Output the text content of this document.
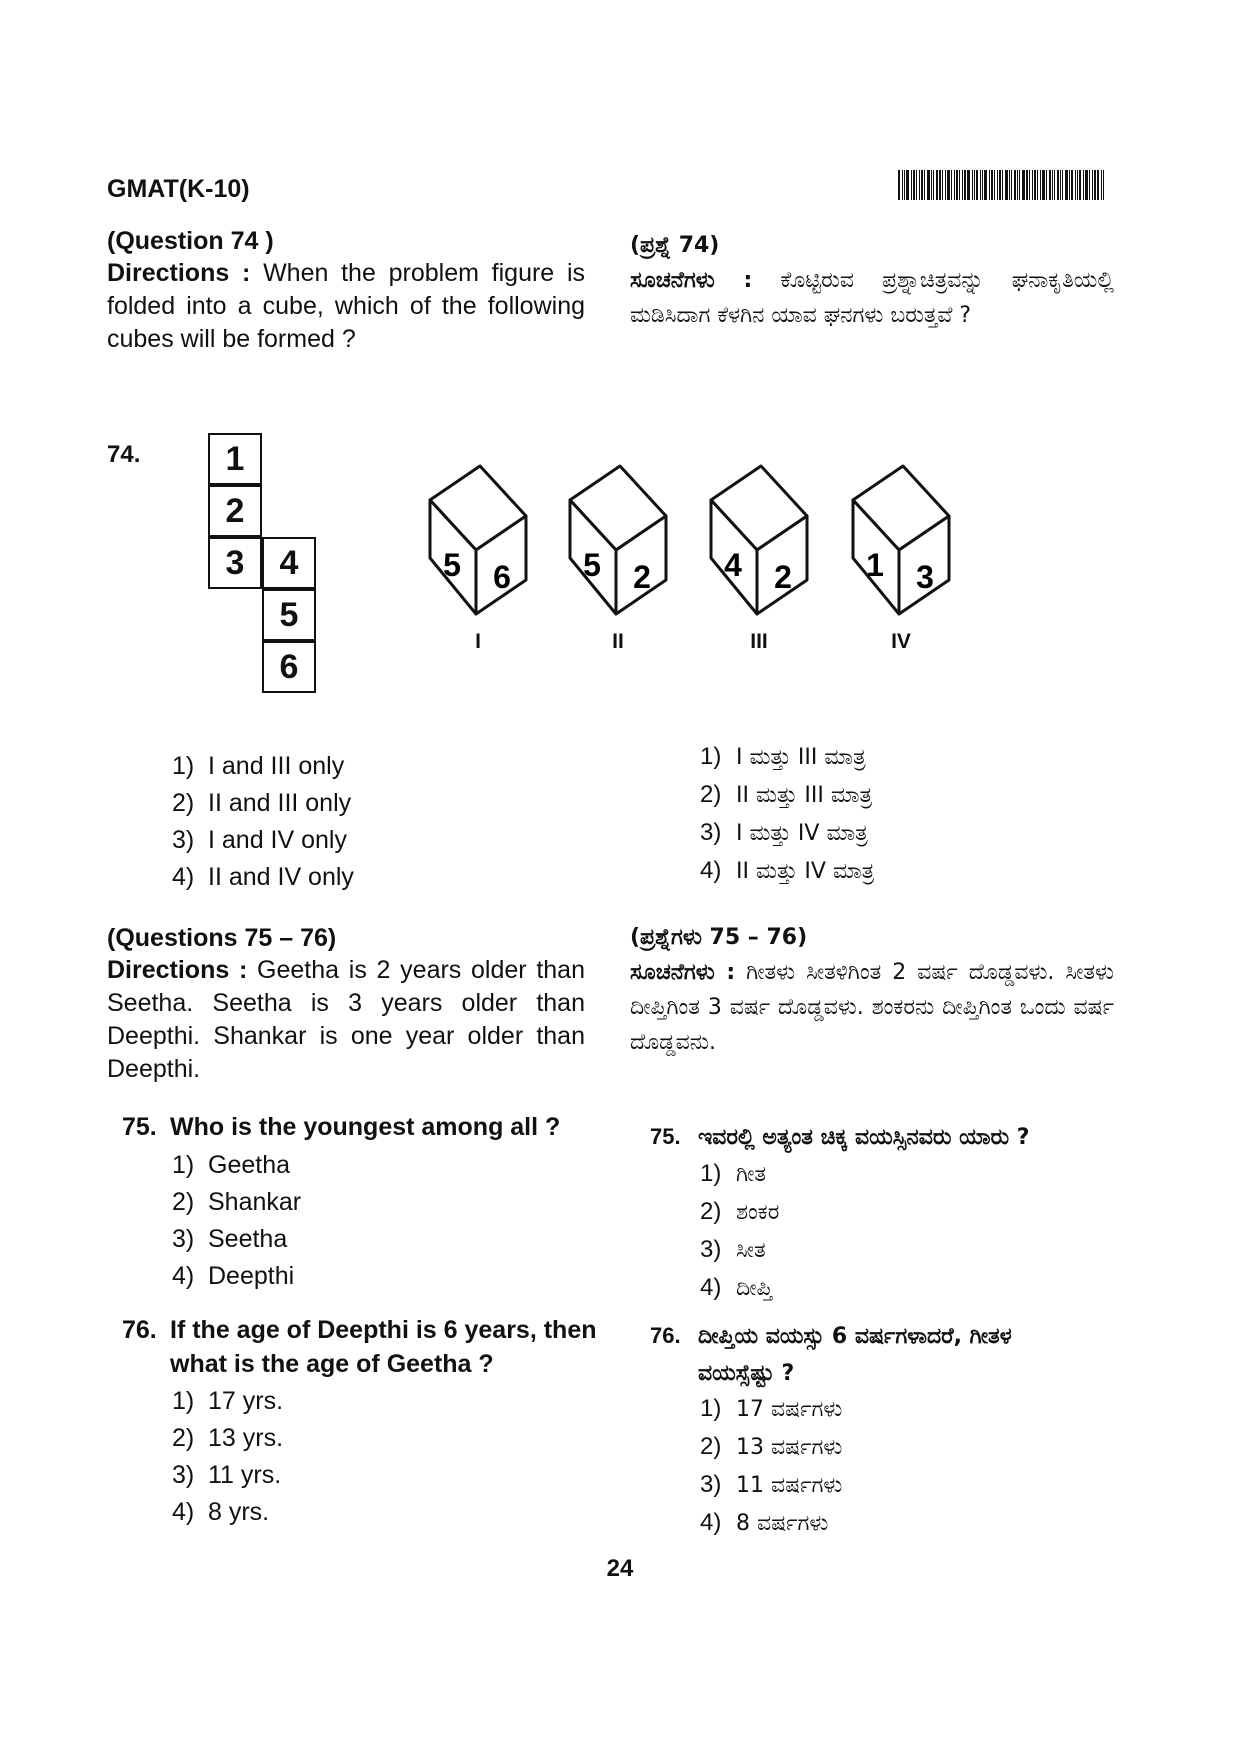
GMAT(K-10)
(Question 74 )
Directions : When the problem figure is folded into a cube, which of the following cubes will be formed ?
(ಪ್ರಶ್ನೆ 74)
ಸೂಚನೆಗಳು : ಕೊಟ್ಟಿರುವ ಪ್ರಶ್ನಾಚಿತ್ರವನ್ನು ಘನಾಕೃತಿಯಲ್ಲಿ ಮಡಿಸಿದಾಗ ಕೆಳಗಿನ ಯಾವ ಘನಗಳು ಬರುತ್ತವೆ ?
74.	1
2
3	4
5
6
5 6 5 2 4 2 1 3
I	II	III	IV
1) I and III only
2) II and III only
3) I and IV only
4) II and IV only
1) I ಮತ್ತು III ಮಾತ್ರ
2) II ಮತ್ತು III ಮಾತ್ರ
3) I ಮತ್ತು IV ಮಾತ್ರ
4) II ಮತ್ತು IV ಮಾತ್ರ
(Questions 75 – 76)
Directions : Geetha is 2 years older than Seetha. Seetha is 3 years older than Deepthi. Shankar is one year older than Deepthi.
(ಪ್ರಶ್ನೆಗಳು 75 – 76)
ಸೂಚನೆಗಳು : ಗೀತಳು ಸೀತಳಿಗಿಂತ 2 ವರ್ಷ ದೊಡ್ಡವಳು. ಸೀತಳು ದೀಪ್ತಿಗಿಂತ 3 ವರ್ಷ ದೊಡ್ಡವಳು. ಶಂಕರನು ದೀಪ್ತಿಗಿಂತ ಒಂದು ವರ್ಷ ದೊಡ್ಡವನು.
75. Who is the youngest among all ?
1) Geetha
2) Shankar
3) Seetha
4) Deepthi
75. ಇವರಲ್ಲಿ ಅತ್ಯಂತ ಚಿಕ್ಕ ವಯಸ್ಸಿನವರು ಯಾರು ?
1) ಗೀತ
2) ಶಂಕರ
3) ಸೀತ
4) ದೀಪ್ತಿ
76. If the age of Deepthi is 6 years, then what is the age of Geetha ?
1) 17 yrs.
2) 13 yrs.
3) 11 yrs.
4) 8 yrs.
76. ದೀಪ್ತಿಯ ವಯಸ್ಸು 6 ವರ್ಷಗಳಾದರೆ, ಗೀತಳ ವಯಸ್ಸೆಷ್ಟು ?
1) 17 ವರ್ಷಗಳು
2) 13 ವರ್ಷಗಳು
3) 11 ವರ್ಷಗಳು
4) 8 ವರ್ಷಗಳು
24
